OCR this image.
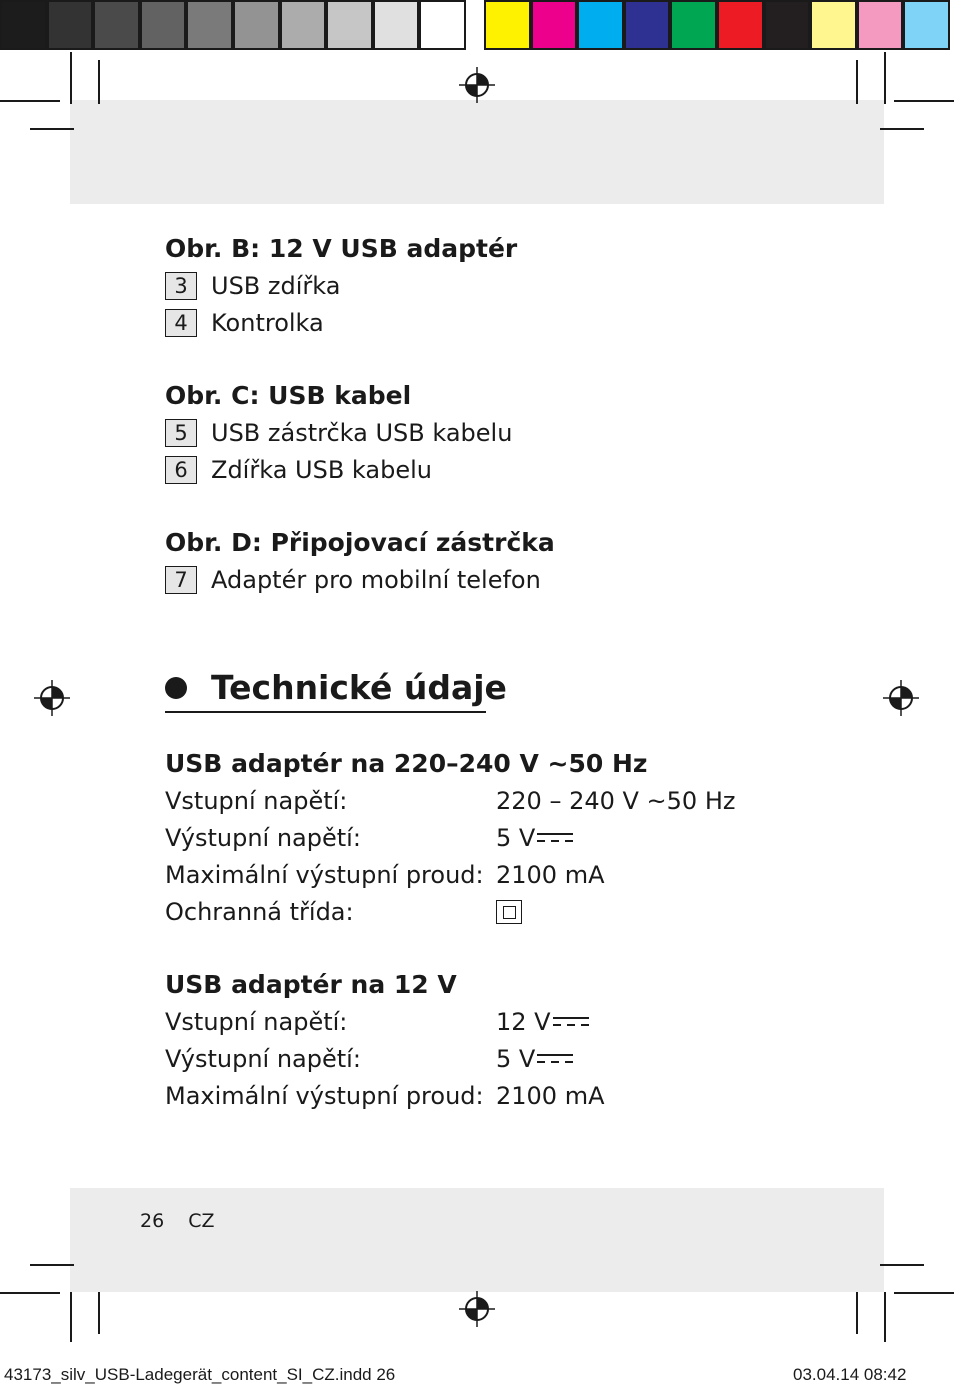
Obr. B: 12 V USB adaptér

3 USB zdířka
4 Kontrolka

Obr. C: USB kabel

5 USB zástrčka USB kabelu
6 Zdířka USB kabelu

Obr. D: Připojovací zástrčka

7 Adaptér pro mobilní telefon
Technické údaje

USB adaptér na 220–240 V ~50 Hz

Vstupní napětí:	220 – 240 V ~50 Hz
Výstupní napětí:	5 V
Maximální výstupní proud: 2100 mA
Ochranná třída:

USB adaptér na 12 V

Vstupní napětí:	12 V
Výstupní napětí:	5 V
Maximální výstupní proud: 2100 mA
26 CZ
43173_silv_USB-Ladegerät_content_SI_CZ.indd 26	03.04.14 08:42
